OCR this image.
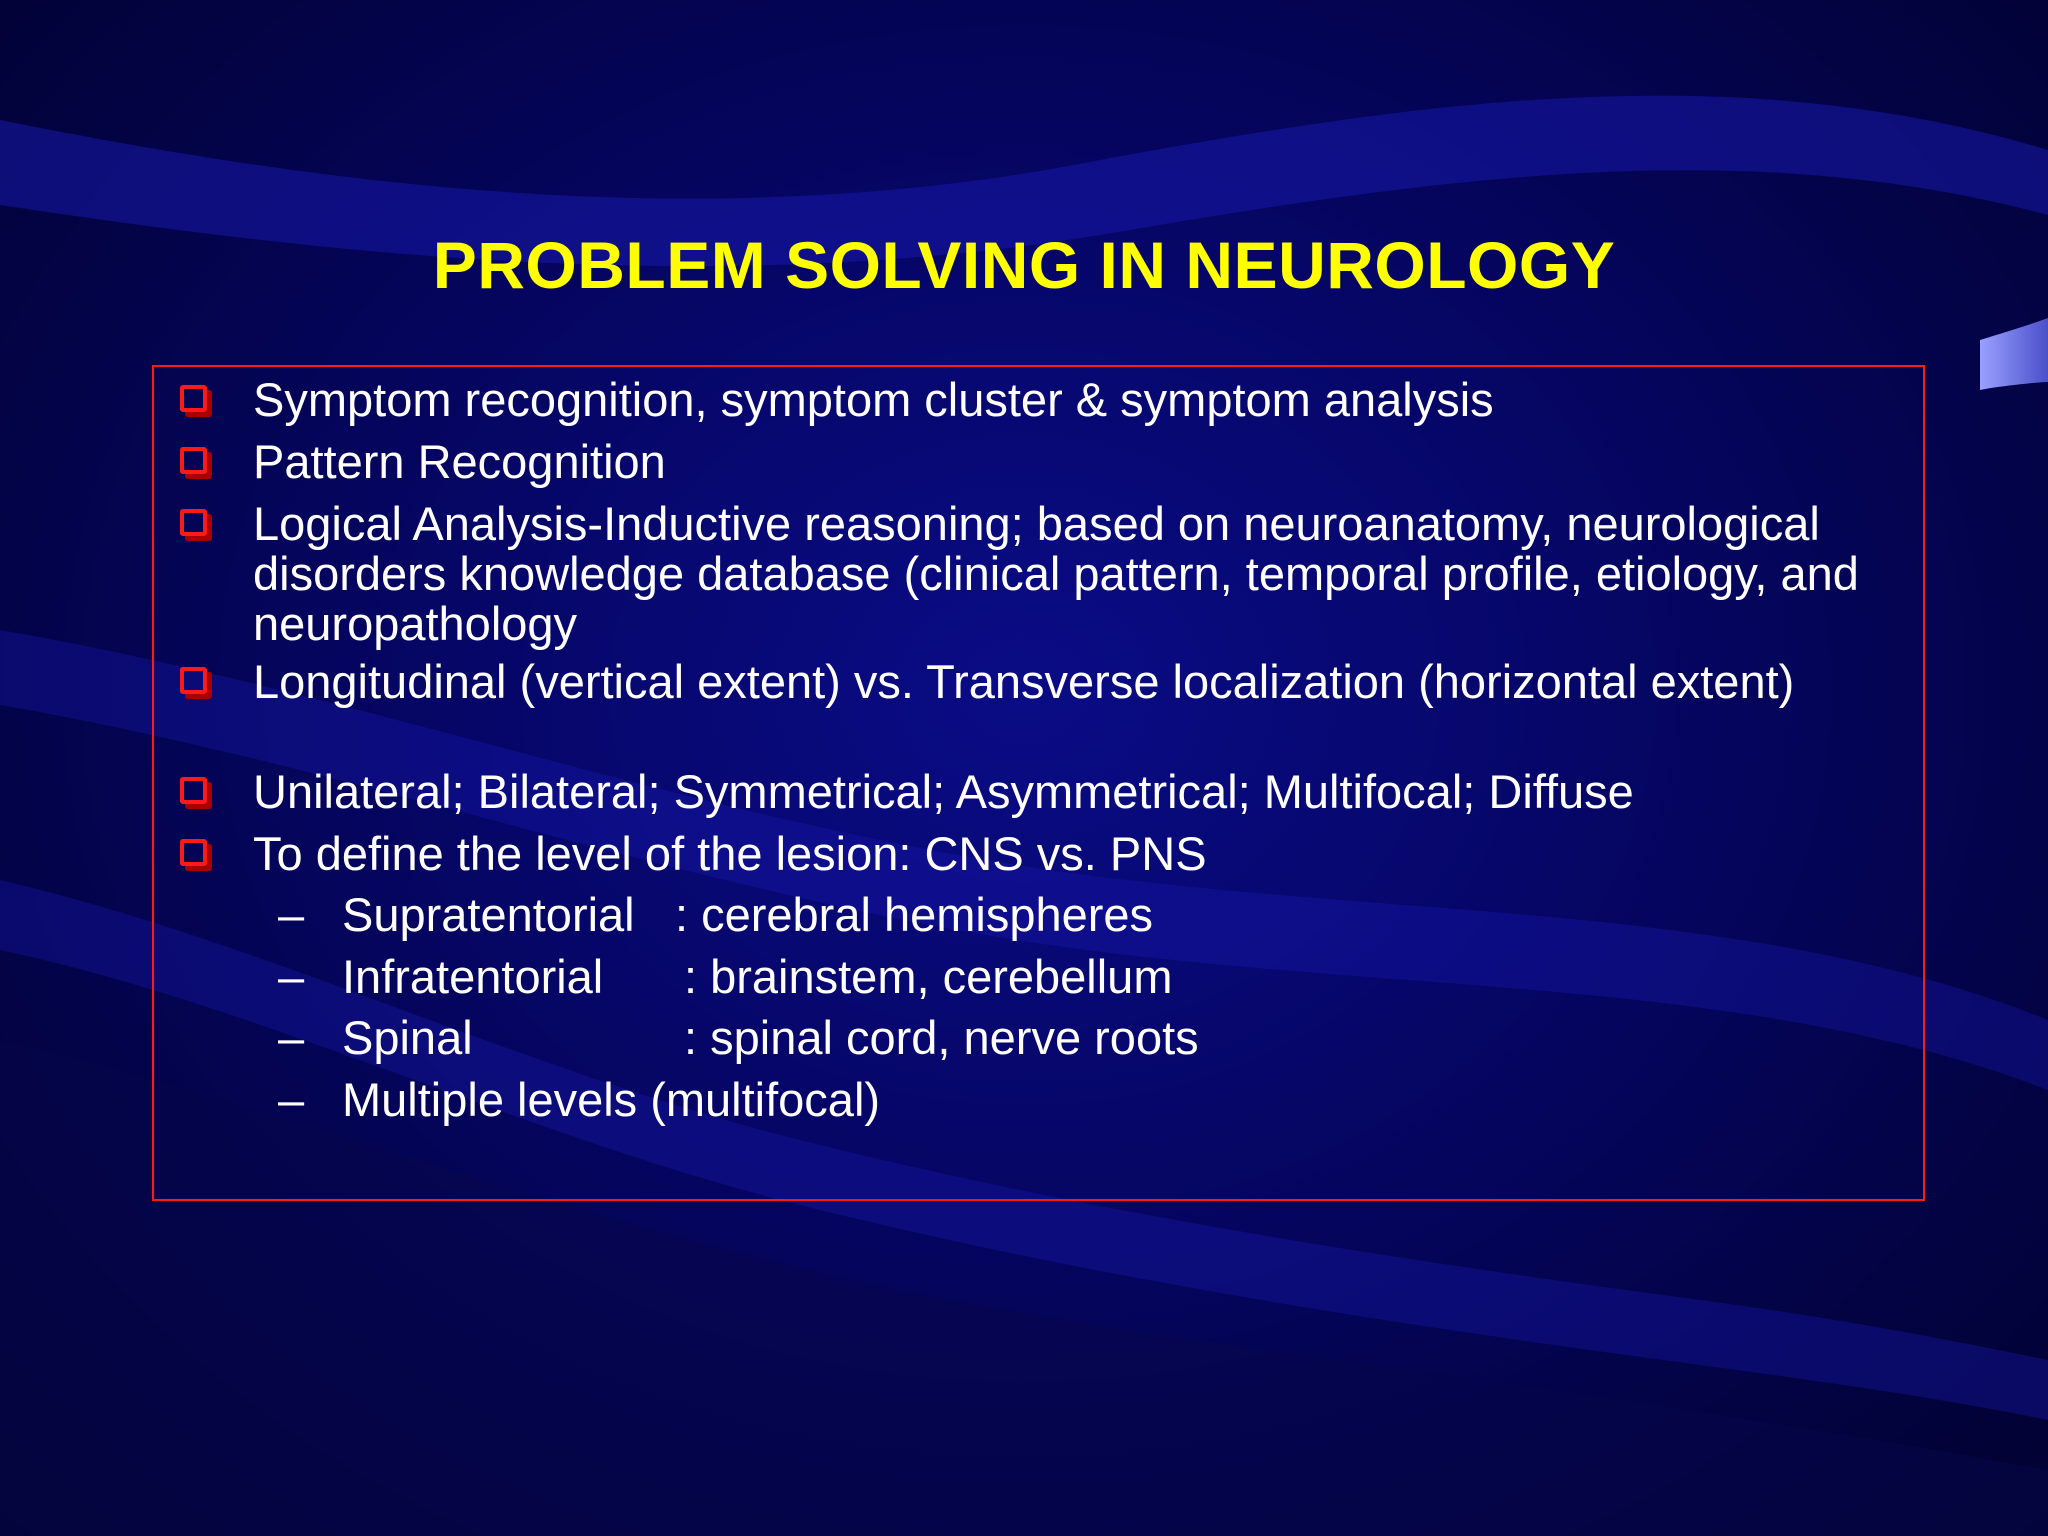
PROBLEM SOLVING IN NEUROLOGY
Symptom recognition, symptom cluster & symptom analysis
Pattern Recognition
Logical Analysis-Inductive reasoning; based on neuroanatomy, neurological disorders knowledge database (clinical pattern, temporal profile, etiology, and neuropathology
Longitudinal (vertical extent) vs. Transverse localization (horizontal extent)
Unilateral; Bilateral; Symmetrical; Asymmetrical; Multifocal; Diffuse
To define the level of the lesion: CNS vs. PNS
– Supratentorial : cerebral hemispheres
– Infratentorial : brainstem, cerebellum
– Spinal	: spinal cord, nerve roots
– Multiple levels (multifocal)
